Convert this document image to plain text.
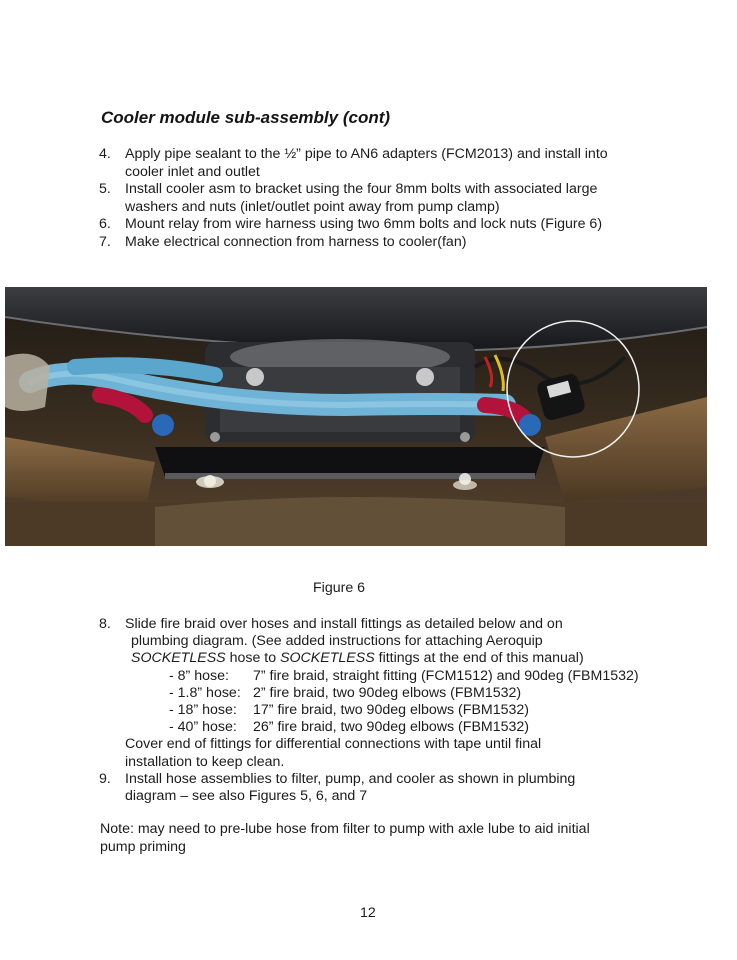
Cooler module sub-assembly (cont)
4. Apply pipe sealant to the ½” pipe to AN6 adapters (FCM2013) and install into
cooler inlet and outlet
5. Install cooler asm to bracket using the four 8mm bolts with associated large
washers and nuts (inlet/outlet point away from pump clamp)
6. Mount relay from wire harness using two 6mm bolts and lock nuts (Figure 6)
7. Make electrical connection from harness to cooler(fan)
Figure 6
8. Slide fire braid over hoses and install fittings as detailed below and on
plumbing diagram. (See added instructions for attaching Aeroquip
SOCKETLESS hose to SOCKETLESS fittings at the end of this manual)
- 8” hose: 7” fire braid, straight fitting (FCM1512) and 90deg (FBM1532)
- 1.8” hose: 2” fire braid, two 90deg elbows (FBM1532)
- 18” hose: 17” fire braid, two 90deg elbows (FBM1532)
- 40” hose: 26” fire braid, two 90deg elbows (FBM1532)
Cover end of fittings for differential connections with tape until final
installation to keep clean.
9. Install hose assemblies to filter, pump, and cooler as shown in plumbing
diagram – see also Figures 5, 6, and 7
Note: may need to pre-lube hose from filter to pump with axle lube to aid initial
pump priming
12
